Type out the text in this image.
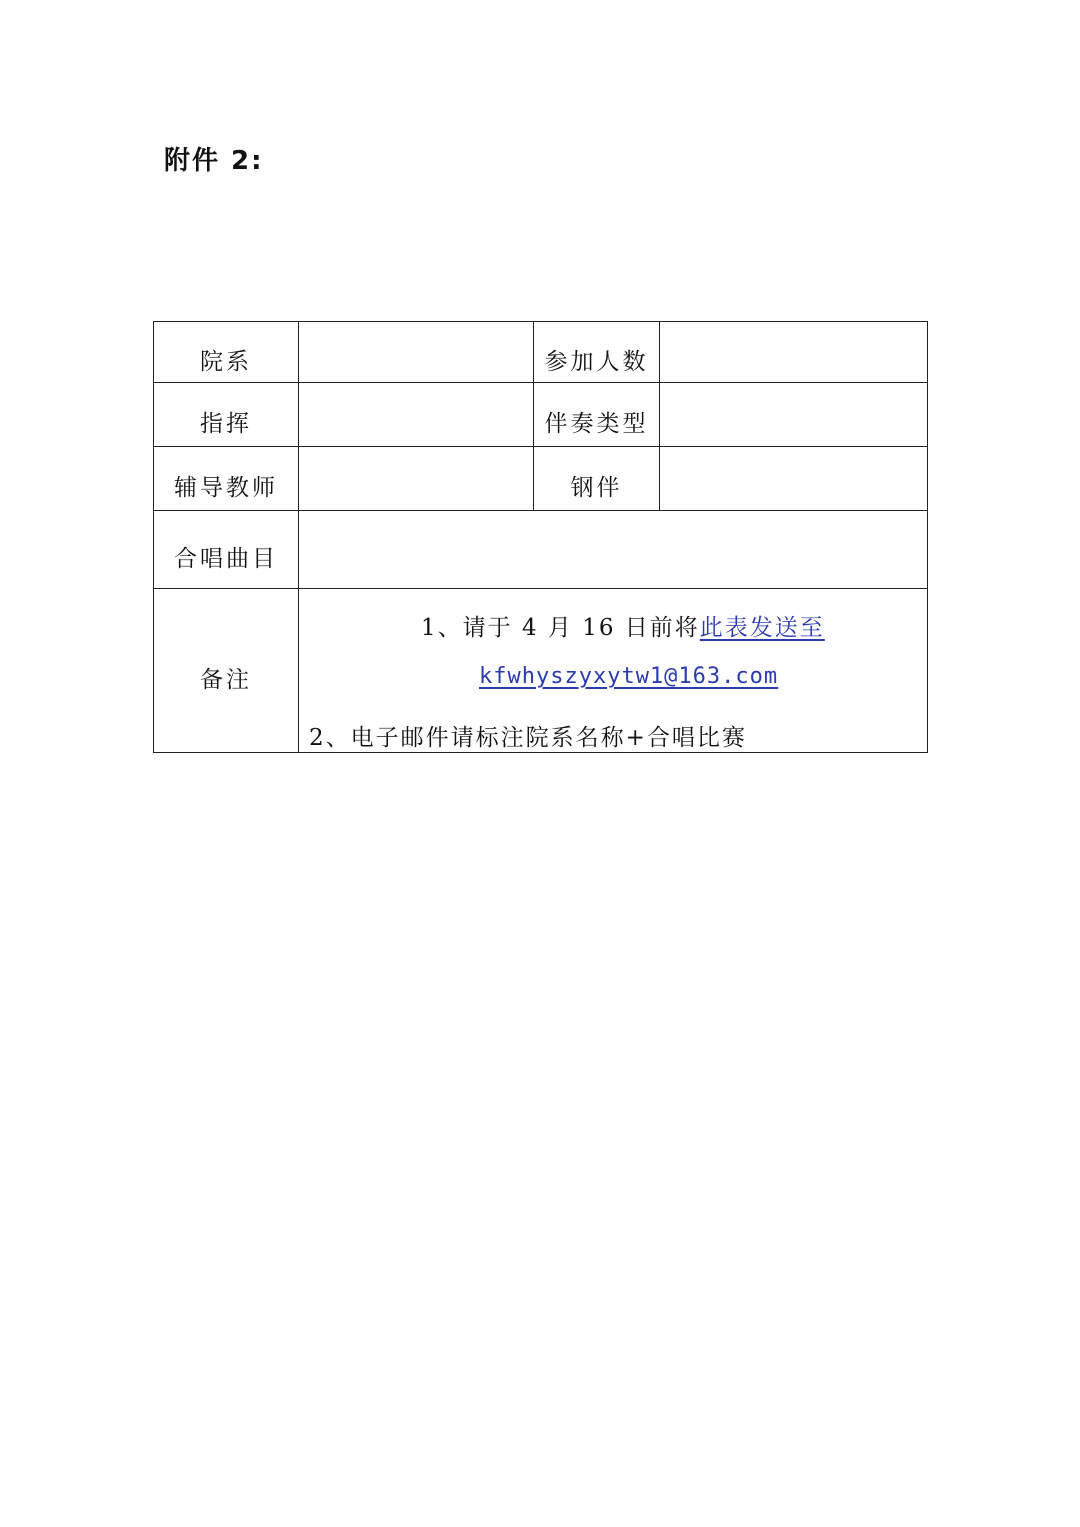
附件 2:
院系		参加人数	
指挥		伴奏类型	
辅导教师		钢伴	
合唱曲目			
备注	1、请于 4 月 16 日前将此表发送至
kfwhyszyxytw1@163.com
2、电子邮件请标注院系名称+合唱比赛		
